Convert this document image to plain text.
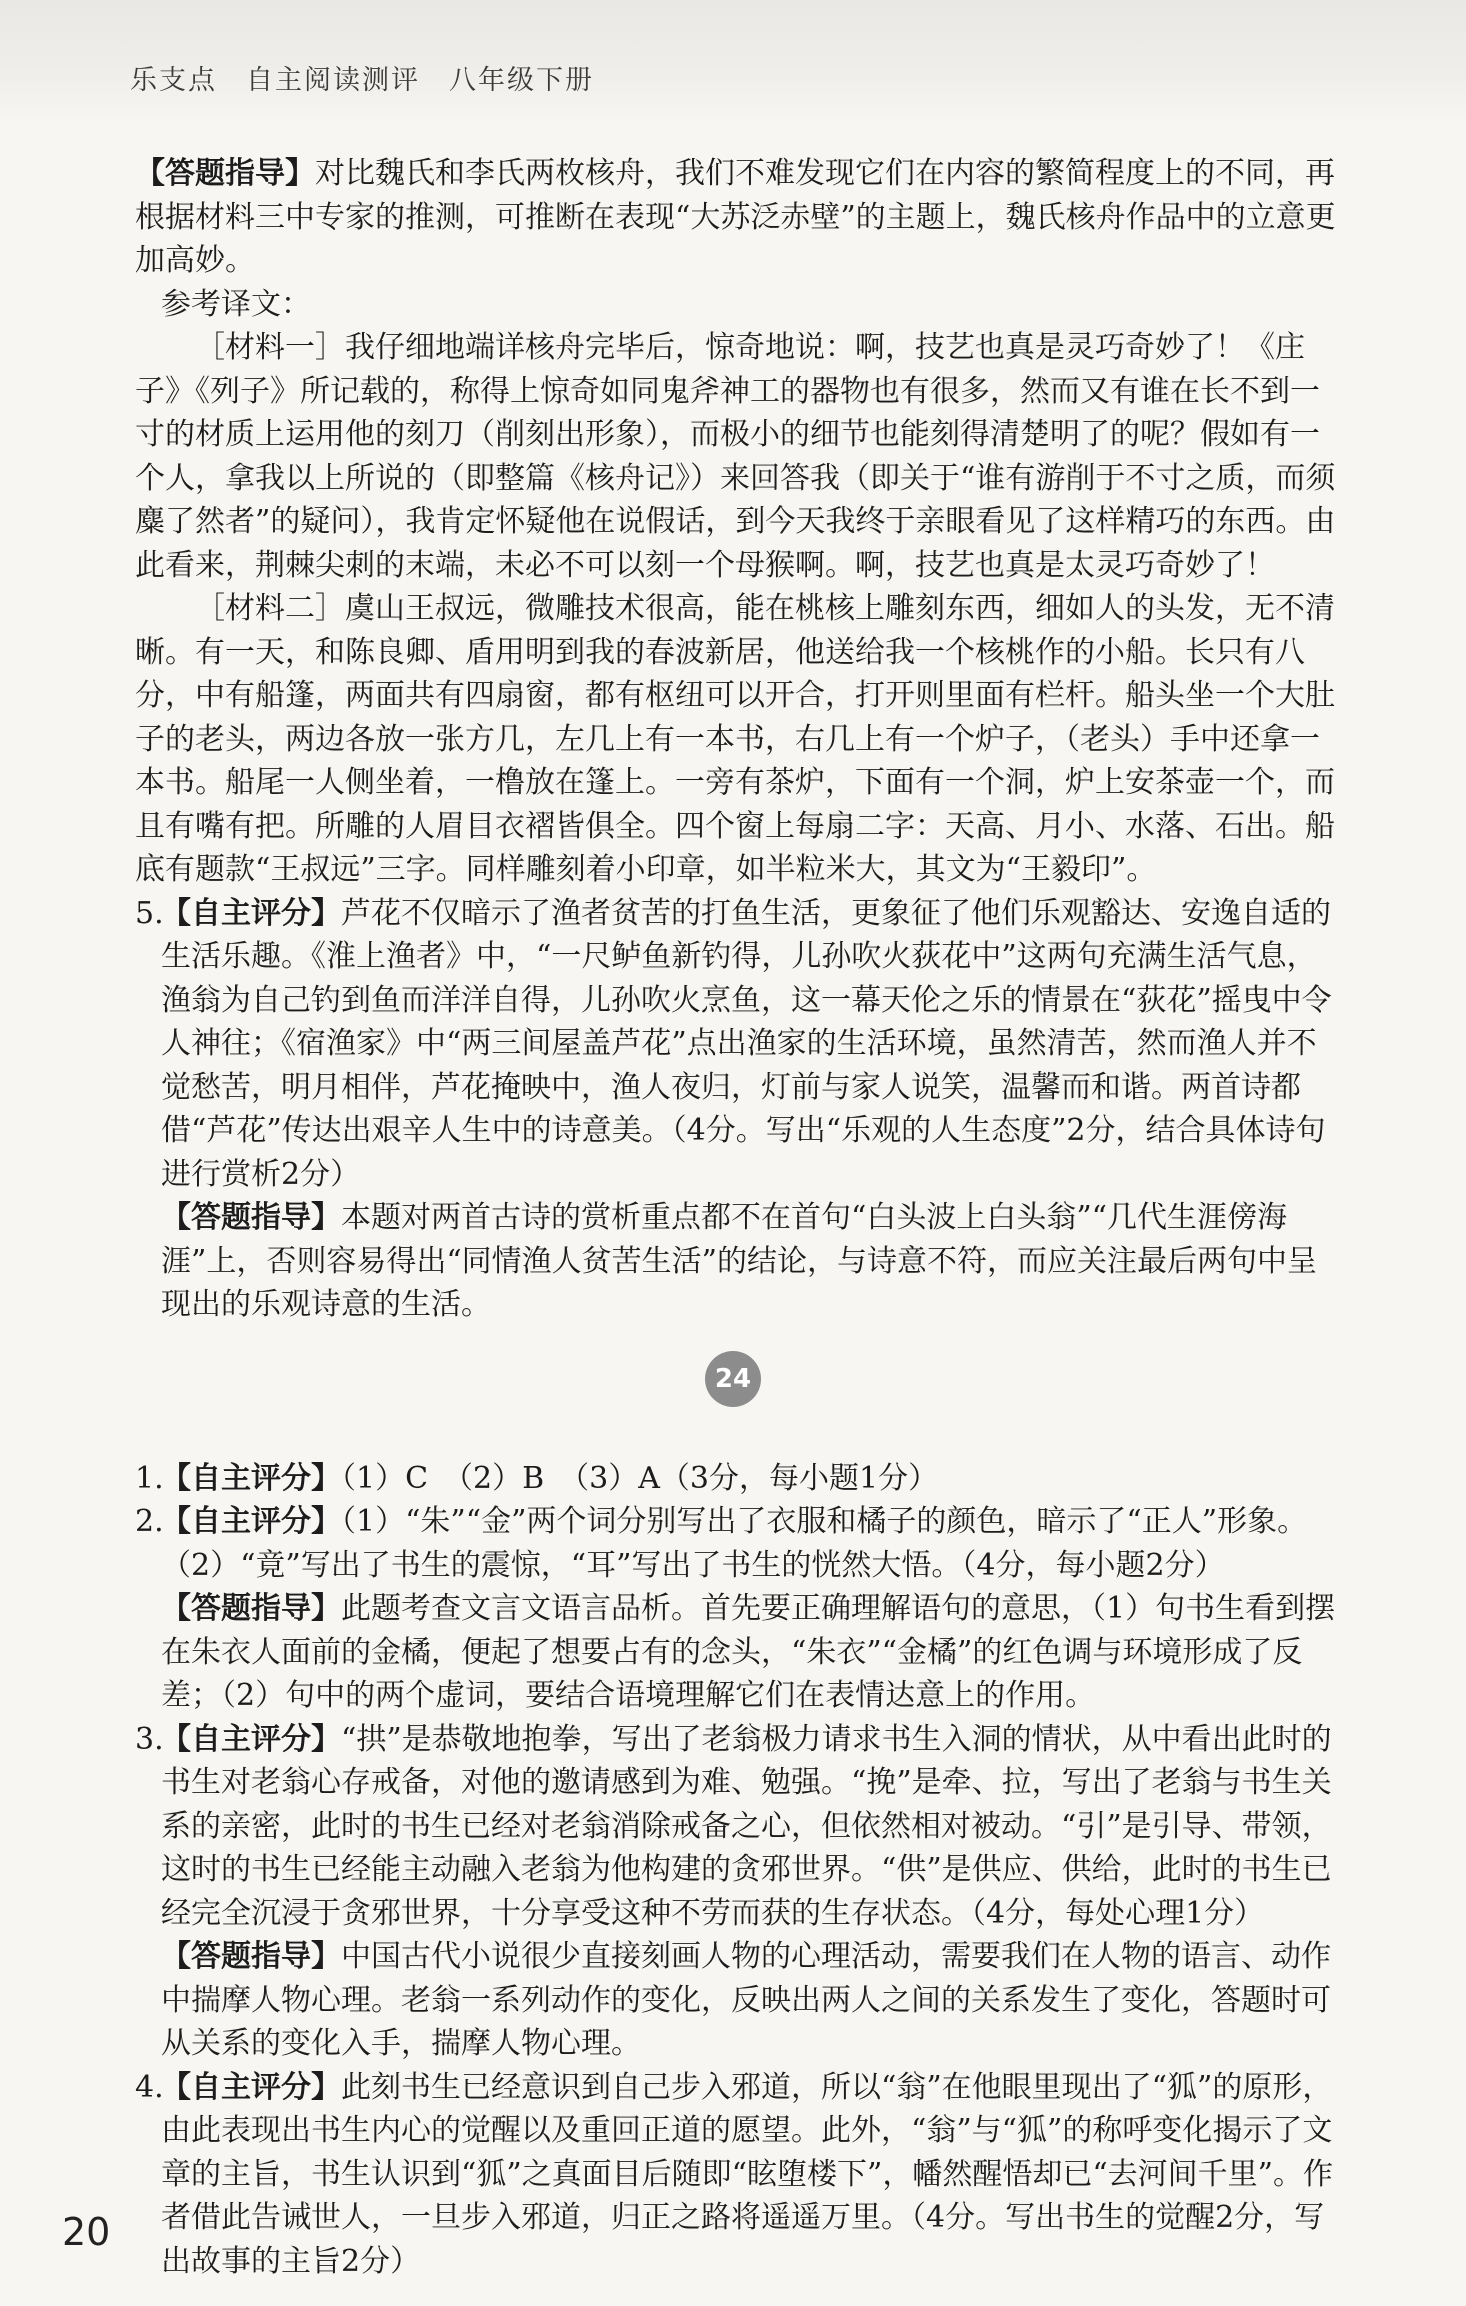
乐支点　自主阅读测评　八年级下册

【答题指导】对比魏氏和李氏两枚核舟，我们不难发现它们在内容的繁简程度上的不同，再根据材料三中专家的推测，可推断在表现“大苏泛赤壁”的主题上，魏氏核舟作品中的立意更加高妙。

参考译文：

［材料一］我仔细地端详核舟完毕后，惊奇地说：啊，技艺也真是灵巧奇妙了！《庄子》《列子》所记载的，称得上惊奇如同鬼斧神工的器物也有很多，然而又有谁在长不到一寸的材质上运用他的刻刀（削刻出形象），而极小的细节也能刻得清楚明了的呢？假如有一个人，拿我以上所说的（即整篇《核舟记》）来回答我（即关于“谁有游削于不寸之质，而须麋了然者”的疑问），我肯定怀疑他在说假话，到今天我终于亲眼看见了这样精巧的东西。由此看来，荆棘尖刺的末端，未必不可以刻一个母猴啊。啊，技艺也真是太灵巧奇妙了！

［材料二］虞山王叔远，微雕技术很高，能在桃核上雕刻东西，细如人的头发，无不清晰。有一天，和陈良卿、盾用明到我的春波新居，他送给我一个核桃作的小船。长只有八分，中有船篷，两面共有四扇窗，都有枢纽可以开合，打开则里面有栏杆。船头坐一个大肚子的老头，两边各放一张方几，左几上有一本书，右几上有一个炉子，（老头）手中还拿一本书。船尾一人侧坐着，一橹放在篷上。一旁有茶炉，下面有一个洞，炉上安茶壶一个，而且有嘴有把。所雕的人眉目衣褶皆俱全。四个窗上每扇二字：天高、月小、水落、石出。船底有题款“王叔远”三字。同样雕刻着小印章，如半粒米大，其文为“王毅印”。

5.

【自主评分】芦花不仅暗示了渔者贫苦的打鱼生活，更象征了他们乐观豁达、安逸自适的生活乐趣。《淮上渔者》中，“一尺鲈鱼新钓得，儿孙吹火荻花中”这两句充满生活气息，渔翁为自己钓到鱼而洋洋自得，儿孙吹火烹鱼，这一幕天伦之乐的情景在“荻花”摇曳中令人神往；《宿渔家》中“两三间屋盖芦花”点出渔家的生活环境，虽然清苦，然而渔人并不觉愁苦，明月相伴，芦花掩映中，渔人夜归，灯前与家人说笑，温馨而和谐。两首诗都借“芦花”传达出艰辛人生中的诗意美。（4分。写出“乐观的人生态度”2分，结合具体诗句进行赏析2分）

【答题指导】本题对两首古诗的赏析重点都不在首句“白头波上白头翁”“几代生涯傍海涯”上，否则容易得出“同情渔人贫苦生活”的结论，与诗意不符，而应关注最后两句中呈现出的乐观诗意的生活。

24
1.

【自主评分】（1）C　（2）B　（3）A（3分，每小题1分）

2.

【自主评分】（1）“朱”“金”两个词分别写出了衣服和橘子的颜色，暗示了“正人”形象。（2）“竟”写出了书生的震惊，“耳”写出了书生的恍然大悟。（4分，每小题2分）

【答题指导】此题考查文言文语言品析。首先要正确理解语句的意思，（1）句书生看到摆在朱衣人面前的金橘，便起了想要占有的念头，“朱衣”“金橘”的红色调与环境形成了反差；（2）句中的两个虚词，要结合语境理解它们在表情达意上的作用。

3.

【自主评分】“拱”是恭敬地抱拳，写出了老翁极力请求书生入洞的情状，从中看出此时的书生对老翁心存戒备，对他的邀请感到为难、勉强。“挽”是牵、拉，写出了老翁与书生关系的亲密，此时的书生已经对老翁消除戒备之心，但依然相对被动。“引”是引导、带领，这时的书生已经能主动融入老翁为他构建的贪邪世界。“供”是供应、供给，此时的书生已经完全沉浸于贪邪世界，十分享受这种不劳而获的生存状态。（4分，每处心理1分）

【答题指导】中国古代小说很少直接刻画人物的心理活动，需要我们在人物的语言、动作中揣摩人物心理。老翁一系列动作的变化，反映出两人之间的关系发生了变化，答题时可从关系的变化入手，揣摩人物心理。

4.

【自主评分】此刻书生已经意识到自己步入邪道，所以“翁”在他眼里现出了“狐”的原形，由此表现出书生内心的觉醒以及重回正道的愿望。此外，“翁”与“狐”的称呼变化揭示了文章的主旨，书生认识到“狐”之真面目后随即“眩堕楼下”，幡然醒悟却已“去河间千里”。作者借此告诫世人，一旦步入邪道，归正之路将遥遥万里。（4分。写出书生的觉醒2分，写出故事的主旨2分）

20
